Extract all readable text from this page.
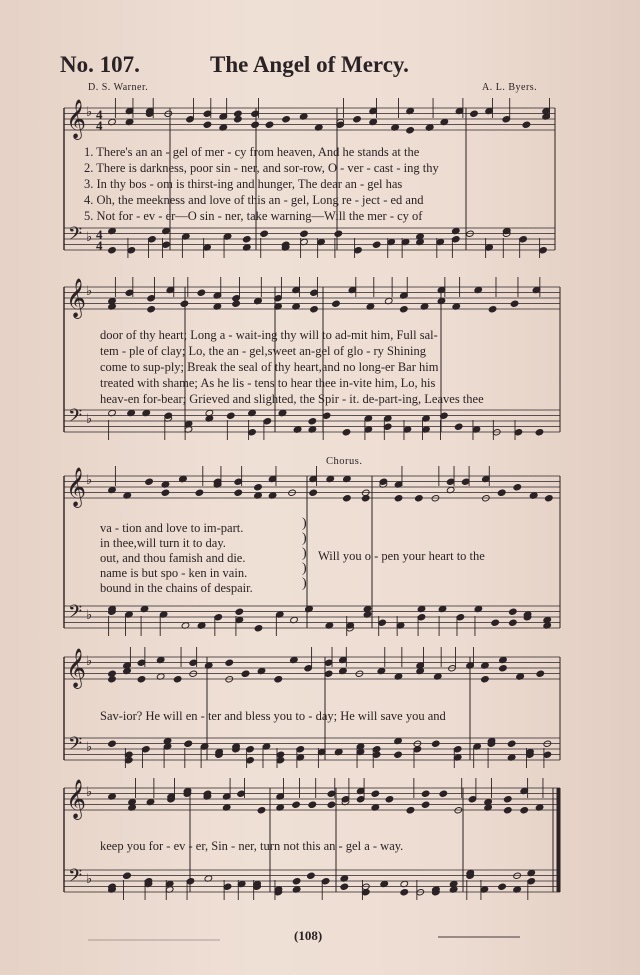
𝄞
𝄢
♭
♭
4
4
4
4
𝄞
𝄢
♭
♭
𝄞
𝄢
♭
♭
𝄞
𝄢
♭
♭
𝄞
𝄢
♭
♭
No. 107.	The Angel of Mercy.
D. S. Warner.	A. L. Byers.
1. There's an an - gel of mer - cy from heaven, And he stands at the
2. There is darkness, poor sin - ner, and sor-row, O - ver - cast - ing thy
3. In thy bos - om is thirst-ing and hunger, The dear an - gel has
4. Oh, the meekness and love of this an - gel, Long re - ject - ed and
5. Not for - ev - er—O sin - ner, take warning—Will the mer - cy of
door of thy heart; Long a - wait-ing thy will to ad-mit him, Full sal-
tem - ple of clay; Lo, the an - gel,sweet an-gel of glo - ry Shining
come to sup-ply; Break the seal of thy heart,and no long-er Bar him
treated with shame; As he lis - tens to hear thee in-vite him, Lo, his
heav-en for-bear; Grieved and slighted, the Spir - it. de-part-ing, Leaves thee
Chorus.
va - tion and love to im-part.
in thee,will turn it to day.
out, and thou famish and die.
name is but spo - ken in vain.
bound in the chains of despair.
)
)
)
)
)
Will you o - pen your heart to the
Sav-ior? He will en - ter and bless you to - day; He will save you and
keep you for - ev - er, Sin - ner, turn not this an - gel a - way.
(108)
